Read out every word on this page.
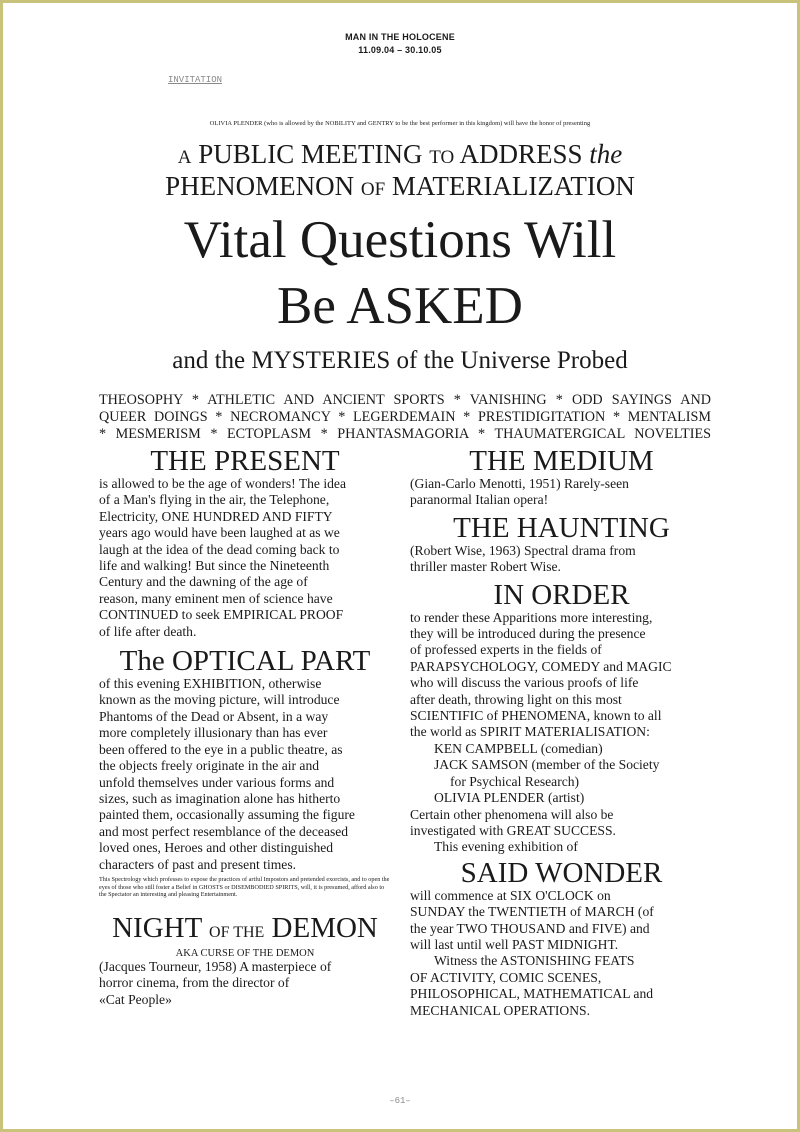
MAN IN THE HOLOCENE
11.09.04 – 30.10.05
INVITATION
OLIVIA PLENDER (who is allowed by the NOBILITY and GENTRY to be the best performer in this kingdom) will have the honor of presenting
A PUBLIC MEETING TO ADDRESS the
PHENOMENON OF MATERIALIZATION
Vital Questions Will
Be ASKED
and the MYSTERIES of the Universe Probed
THEOSOPHY * ATHLETIC AND ANCIENT SPORTS * VANISHING * ODD SAYINGS AND
QUEER DOINGS * NECROMANCY * LEGERDEMAIN * PRESTIDIGITATION * MENTALISM
* MESMERISM * ECTOPLASM * PHANTASMAGORIA * THAUMATERGICAL NOVELTIES
THE PRESENT
is allowed to be the age of wonders! The idea
of a Man's flying in the air, the Telephone,
Electricity, ONE HUNDRED AND FIFTY
years ago would have been laughed at as we
laugh at the idea of the dead coming back to
life and walking! But since the Nineteenth
Century and the dawning of the age of
reason, many eminent men of science have
CONTINUED to seek EMPIRICAL PROOF
of life after death.
The OPTICAL PART
of this evening EXHIBITION, otherwise
known as the moving picture, will introduce
Phantoms of the Dead or Absent, in a way
more completely illusionary than has ever
been offered to the eye in a public theatre, as
the objects freely originate in the air and
unfold themselves under various forms and
sizes, such as imagination alone has hitherto
painted them, occasionally assuming the figure
and most perfect resemblance of the deceased
loved ones, Heroes and other distinguished
characters of past and present times.
This Spectrology which professes to expose the practices of artful Impostors and pretended exorcists, and to open the eyes of those who still foster a Belief in GHOSTS or DISEMBODIED SPIRITS, will, it is presumed, afford also to the Spectator an interesting and pleasing Entertainment.
NIGHT OF THE DEMON
AKA CURSE OF THE DEMON
(Jacques Tourneur, 1958) A masterpiece of
horror cinema, from the director of
«Cat People»
THE MEDIUM
(Gian-Carlo Menotti, 1951) Rarely-seen
paranormal Italian opera!
THE HAUNTING
(Robert Wise, 1963) Spectral drama from
thriller master Robert Wise.
IN ORDER
to render these Apparitions more interesting,
they will be introduced during the presence
of professed experts in the fields of
PARAPSYCHOLOGY, COMEDY and MAGIC
who will discuss the various proofs of life
after death, throwing light on this most
SCIENTIFIC of PHENOMENA, known to all
the world as SPIRIT MATERIALISATION:
KEN CAMPBELL (comedian)
JACK SAMSON (member of the Society
for Psychical Research)
OLIVIA PLENDER (artist)
Certain other phenomena will also be
investigated with GREAT SUCCESS.
This evening exhibition of
SAID WONDER
will commence at SIX O'CLOCK on
SUNDAY the TWENTIETH of MARCH (of
the year TWO THOUSAND and FIVE) and
will last until well PAST MIDNIGHT.
Witness the ASTONISHING FEATS
OF ACTIVITY, COMIC SCENES,
PHILOSOPHICAL, MATHEMATICAL and
MECHANICAL OPERATIONS.
–61–
